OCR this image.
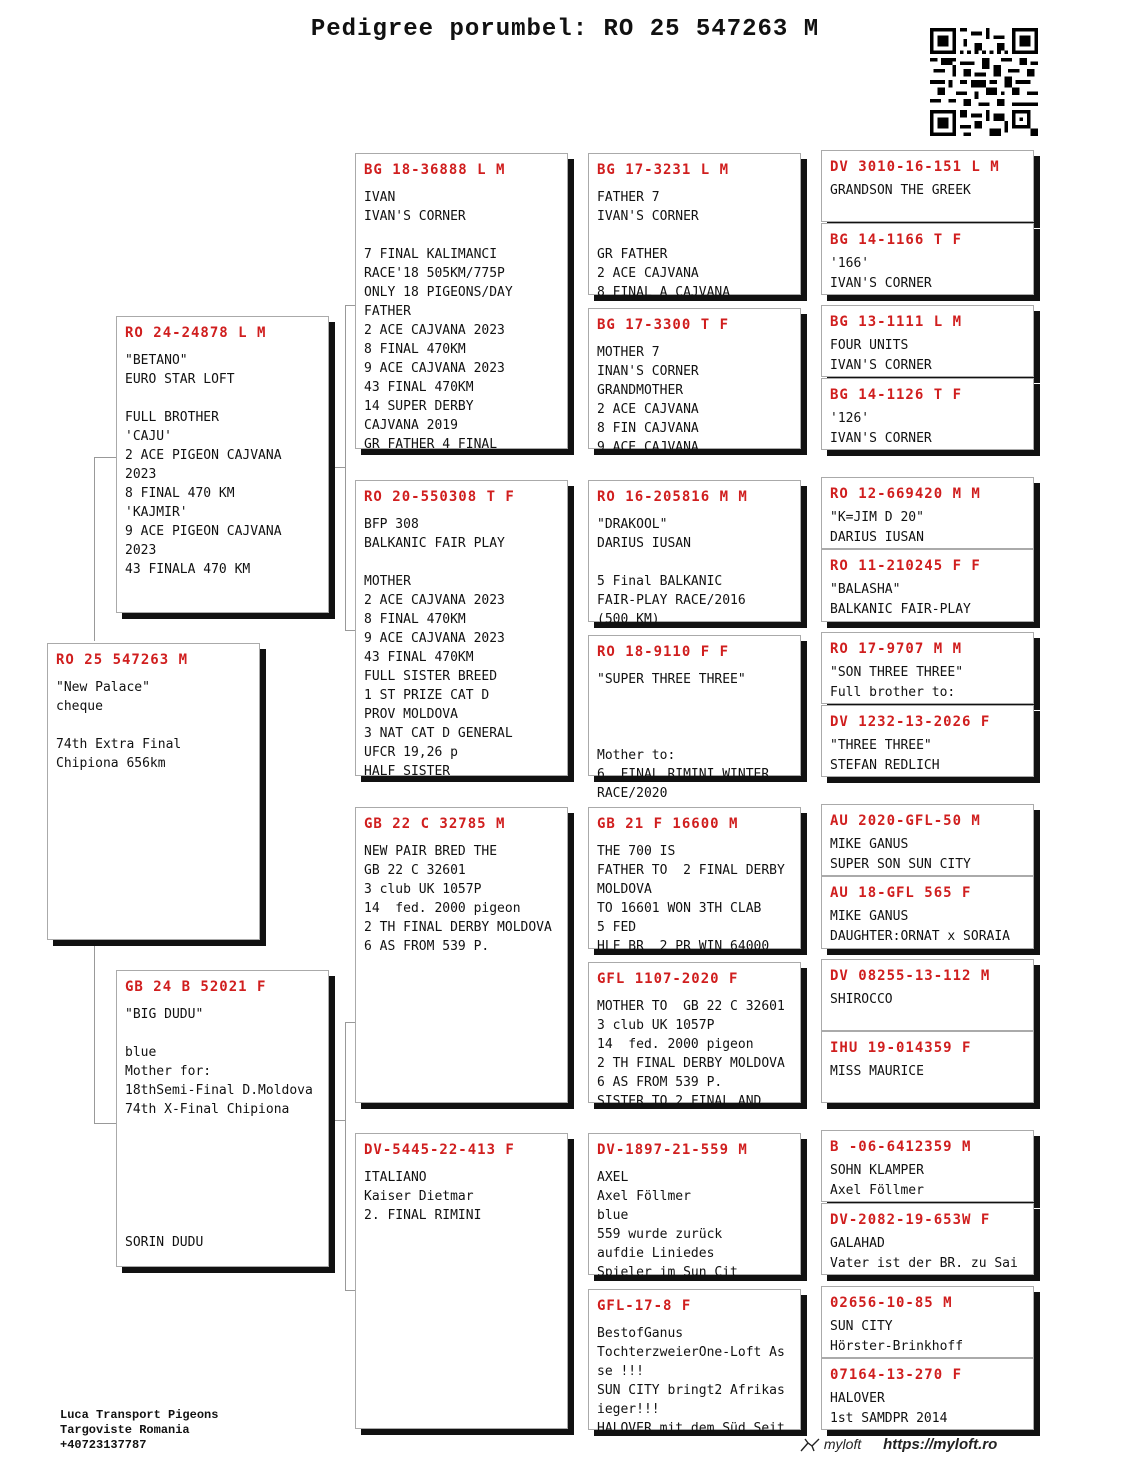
Pedigree porumbel: RO 25 547263 M
RO 25 547263 M
"New Palace"
cheque

74th Extra Final
Chipiona 656km
RO 24-24878 L M
"BETANO"
EURO STAR LOFT

FULL BROTHER
'CAJU'
2 ACE PIGEON CAJVANA
2023
8 FINAL 470 KM
'KAJMIR'
9 ACE PIGEON CAJVANA
2023
43 FINALA 470 KM
GB 24 B 52021 F
"BIG DUDU"

blue
Mother for:
18thSemi-Final D.Moldova
74th X-Final Chipiona

SORIN DUDU
BG 18-36888 L M
IVAN
IVAN'S CORNER

7 FINAL KALIMANCI
RACE'18 505KM/775P
ONLY 18 PIGEONS/DAY
FATHER
2 ACE CAJVANA 2023
8 FINAL 470KM
9 ACE CAJVANA 2023
43 FINAL 470KM
14 SUPER DERBY
CAJVANA 2019
GR FATHER 4 FINAL
RO 20-550308 T F
BFP 308
BALKANIC FAIR PLAY

MOTHER
2 ACE CAJVANA 2023
8 FINAL 470KM
9 ACE CAJVANA 2023
43 FINAL 470KM
FULL SISTER BREED
1 ST PRIZE CAT D
PROV MOLDOVA
3 NAT CAT D GENERAL
UFCR 19,26 p
HALF SISTER
GB 22 C 32785 M
NEW PAIR BRED THE
GB 22 C 32601
3 club UK 1057P
14  fed. 2000 pigeon
2 TH FINAL DERBY MOLDOVA
6 AS FROM 539 P.
DV-5445-22-413 F
ITALIANO
Kaiser Dietmar
2. FINAL RIMINI
BG 17-3231 L M
FATHER 7
IVAN'S CORNER

GR FATHER
2 ACE CAJVANA
8 FINAL A CAJVANA
BG 17-3300 T F
MOTHER 7
INAN'S CORNER
GRANDMOTHER
2 ACE CAJVANA
8 FIN CAJVANA
9 ACE CAJVANA
RO 16-205816 M M
"DRAKOOL"
DARIUS IUSAN

5 Final BALKANIC
FAIR-PLAY RACE/2016
(500 KM)
RO 18-9110 F F
"SUPER THREE THREE"

Mother to:
6. FINAL RIMINI WINTER
RACE/2020
GB 21 F 16600 M
THE 700 IS
FATHER TO  2 FINAL DERBY
MOLDOVA
TO 16601 WON 3TH CLAB
5 FED
HLF BR  2 PR WIN 64000
GFL 1107-2020 F
MOTHER TO  GB 22 C 32601
3 club UK 1057P
14  fed. 2000 pigeon
2 TH FINAL DERBY MOLDOVA
6 AS FROM 539 P.
SISTER TO 2 FINAL AND
DV-1897-21-559 M
AXEL
Axel Föllmer
blue
559 wurde zurück
aufdie Liniedes
Spieler im Sun Cit
GFL-17-8 F
BestofGanus
TochterzweierOne-Loft As
se !!!
SUN CITY bringt2 Afrikas
ieger!!!
HALOVER mit dem Süd Seit
DV 3010-16-151 L M
GRANDSON THE GREEK
BG 14-1166 T F
'166'
IVAN'S CORNER
BG 13-1111 L M
FOUR UNITS
IVAN'S CORNER
BG 14-1126 T F
'126'
IVAN'S CORNER
RO 12-669420 M M
"K=JIM D 20"
DARIUS IUSAN
RO 11-210245 F F
"BALASHA"
BALKANIC FAIR-PLAY
RO 17-9707 M M
"SON THREE THREE"
Full brother to:
DV 1232-13-2026 F
"THREE THREE"
STEFAN REDLICH
AU 2020-GFL-50 M
MIKE GANUS
SUPER SON SUN CITY
AU 18-GFL 565 F
MIKE GANUS
DAUGHTER:ORNAT x SORAIA
DV 08255-13-112 M
SHIROCCO
IHU 19-014359 F
MISS MAURICE
B -06-6412359 M
SOHN KLAMPER
Axel Föllmer
DV-2082-19-653W F
GALAHAD
Vater ist der BR. zu Sai
02656-10-85 M
SUN CITY
Hörster-Brinkhoff
07164-13-270 F
HALOVER
1st SAMDPR 2014
Luca Transport Pigeons
Targoviste Romania
+40723137787	myloft https://myloft.ro
